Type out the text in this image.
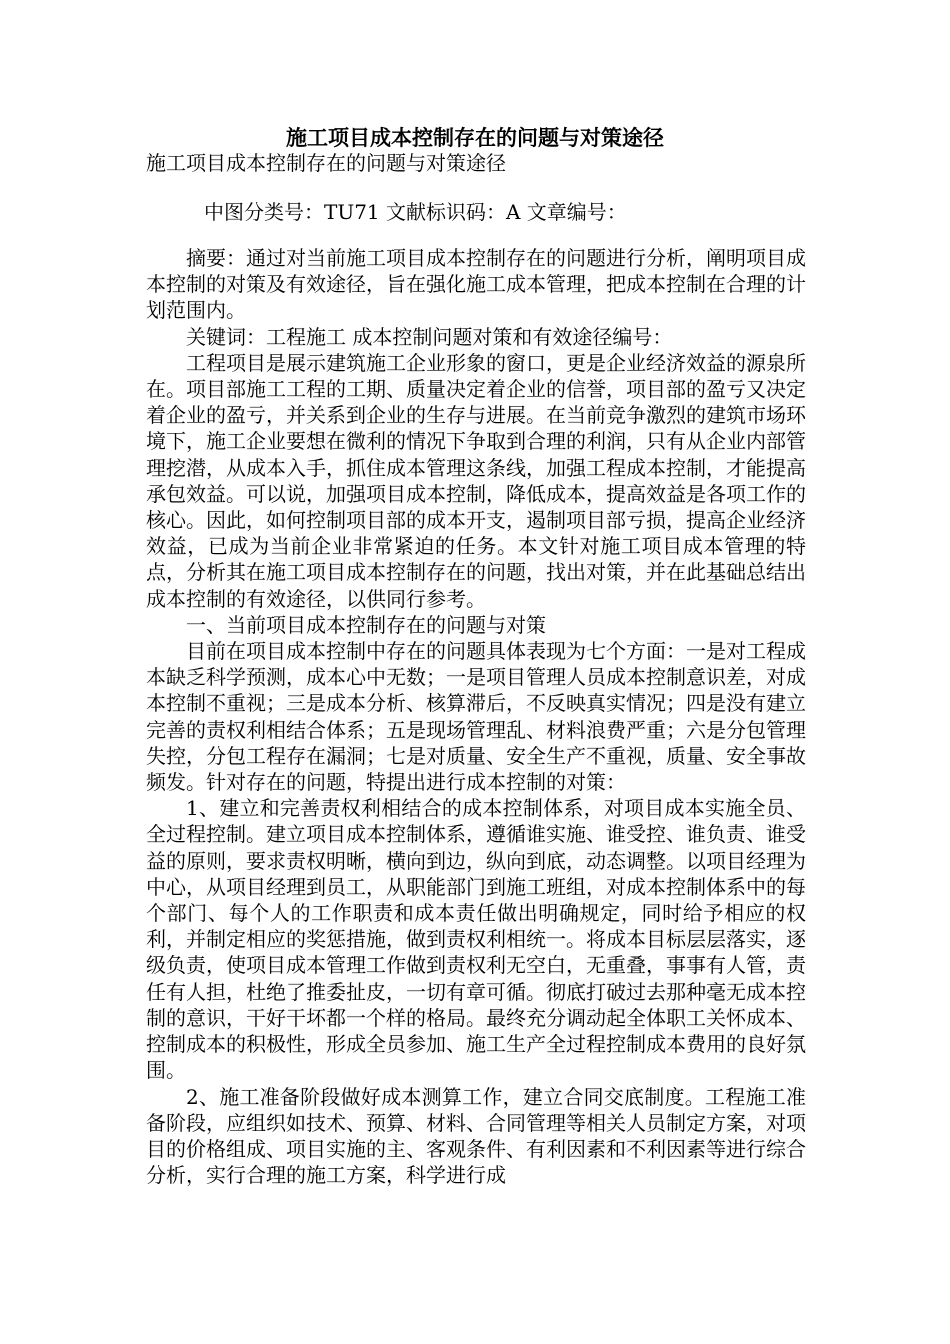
施工项目成本控制存在的问题与对策途径
施工项目成本控制存在的问题与对策途径
中图分类号：TU71 文献标识码：A 文章编号：

摘要：通过对当前施工项目成本控制存在的问题进行分析，阐明项目成本控制的对策及有效途径，旨在强化施工成本管理，把成本控制在合理的计划范围内。

关键词：工程施工 成本控制问题对策和有效途径编号：

工程项目是展示建筑施工企业形象的窗口，更是企业经济效益的源泉所在。项目部施工工程的工期、质量决定着企业的信誉，项目部的盈亏又决定着企业的盈亏，并关系到企业的生存与进展。在当前竞争激烈的建筑市场环境下，施工企业要想在微利的情况下争取到合理的利润，只有从企业内部管理挖潜，从成本入手，抓住成本管理这条线，加强工程成本控制，才能提高承包效益。可以说，加强项目成本控制，降低成本，提高效益是各项工作的核心。因此，如何控制项目部的成本开支，遏制项目部亏损，提高企业经济效益，已成为当前企业非常紧迫的任务。本文针对施工项目成本管理的特点，分析其在施工项目成本控制存在的问题，找出对策，并在此基础总结出成本控制的有效途径，以供同行参考。

一、当前项目成本控制存在的问题与对策

目前在项目成本控制中存在的问题具体表现为七个方面：一是对工程成本缺乏科学预测，成本心中无数；一是项目管理人员成本控制意识差，对成本控制不重视；三是成本分析、核算滞后，不反映真实情况；四是没有建立完善的责权利相结合体系；五是现场管理乱、材料浪费严重；六是分包管理失控，分包工程存在漏洞；七是对质量、安全生产不重视，质量、安全事故频发。针对存在的问题，特提出进行成本控制的对策：

1、建立和完善责权利相结合的成本控制体系，对项目成本实施全员、全过程控制。建立项目成本控制体系，遵循谁实施、谁受控、谁负责、谁受益的原则，要求责权明晰，横向到边，纵向到底，动态调整。以项目经理为中心，从项目经理到员工，从职能部门到施工班组，对成本控制体系中的每个部门、每个人的工作职责和成本责任做出明确规定，同时给予相应的权利，并制定相应的奖惩措施，做到责权利相统一。将成本目标层层落实，逐级负责，使项目成本管理工作做到责权利无空白，无重叠，事事有人管，责任有人担，杜绝了推委扯皮，一切有章可循。彻底打破过去那种毫无成本控制的意识，干好干坏都一个样的格局。最终充分调动起全体职工关怀成本、控制成本的积极性，形成全员参加、施工生产全过程控制成本费用的良好氛围。

2、施工准备阶段做好成本测算工作，建立合同交底制度。工程施工准备阶段，应组织如技术、预算、材料、合同管理等相关人员制定方案，对项目的价格组成、项目实施的主、客观条件、有利因素和不利因素等进行综合分析，实行合理的施工方案，科学进行成
